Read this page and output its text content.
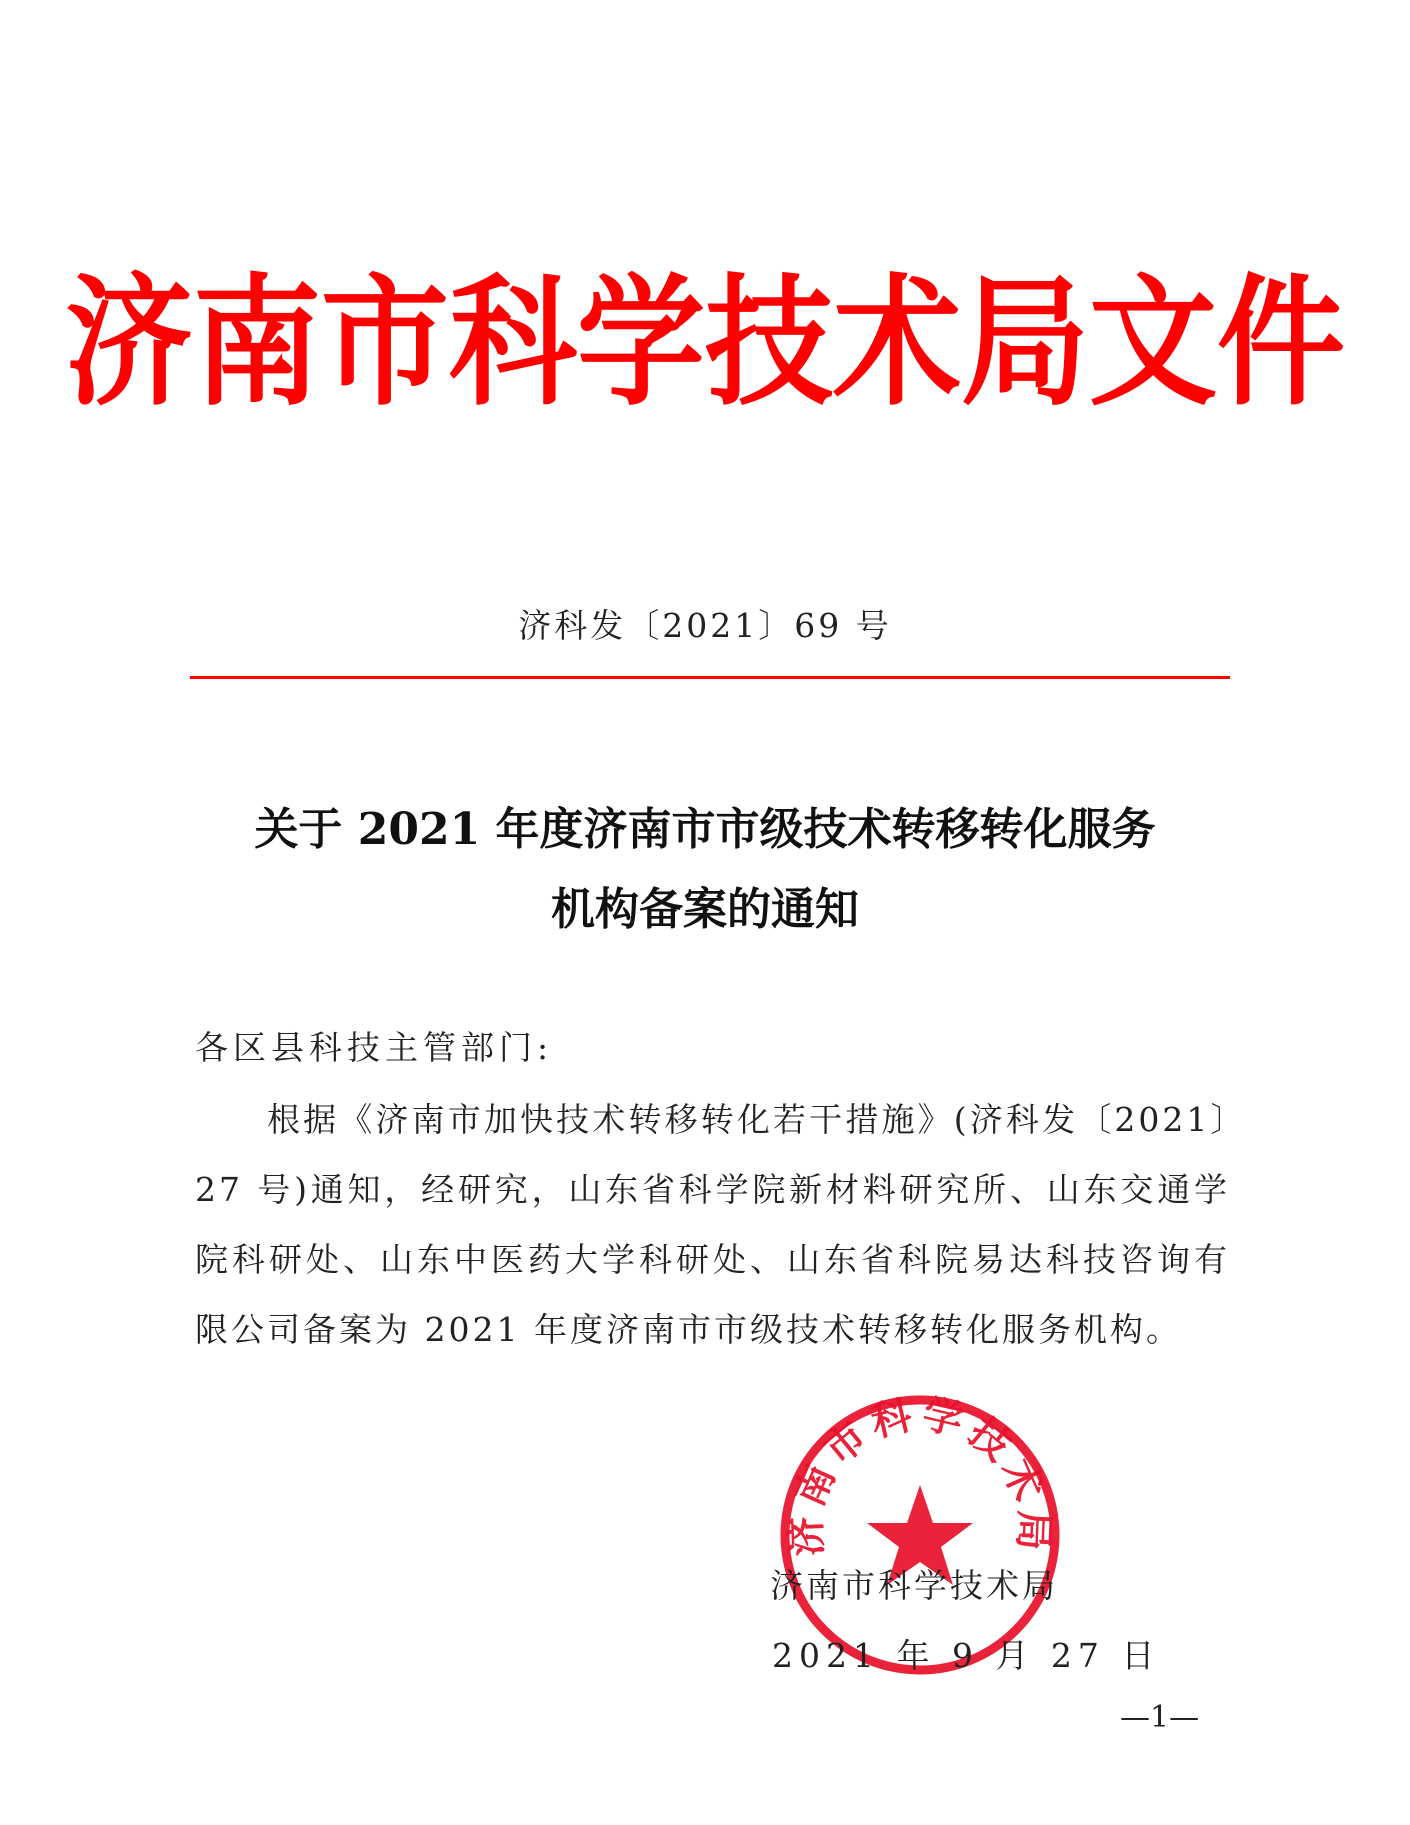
济南市科学技术局文件
济科发〔2021〕69 号
关于 2021 年度济南市市级技术转移转化服务
机构备案的通知
各区县科技主管部门:
根据《济南市加快技术转移转化若干措施》(济科发〔2021〕27 号)通知，经研究，山东省科学院新材料研究所、山东交通学院科研处、山东中医药大学科研处、山东省科院易达科技咨询有限公司备案为 2021 年度济南市市级技术转移转化服务机构。
济南市科学技术局
济南市科学技术局
2021 年 9 月 27 日
—1—
